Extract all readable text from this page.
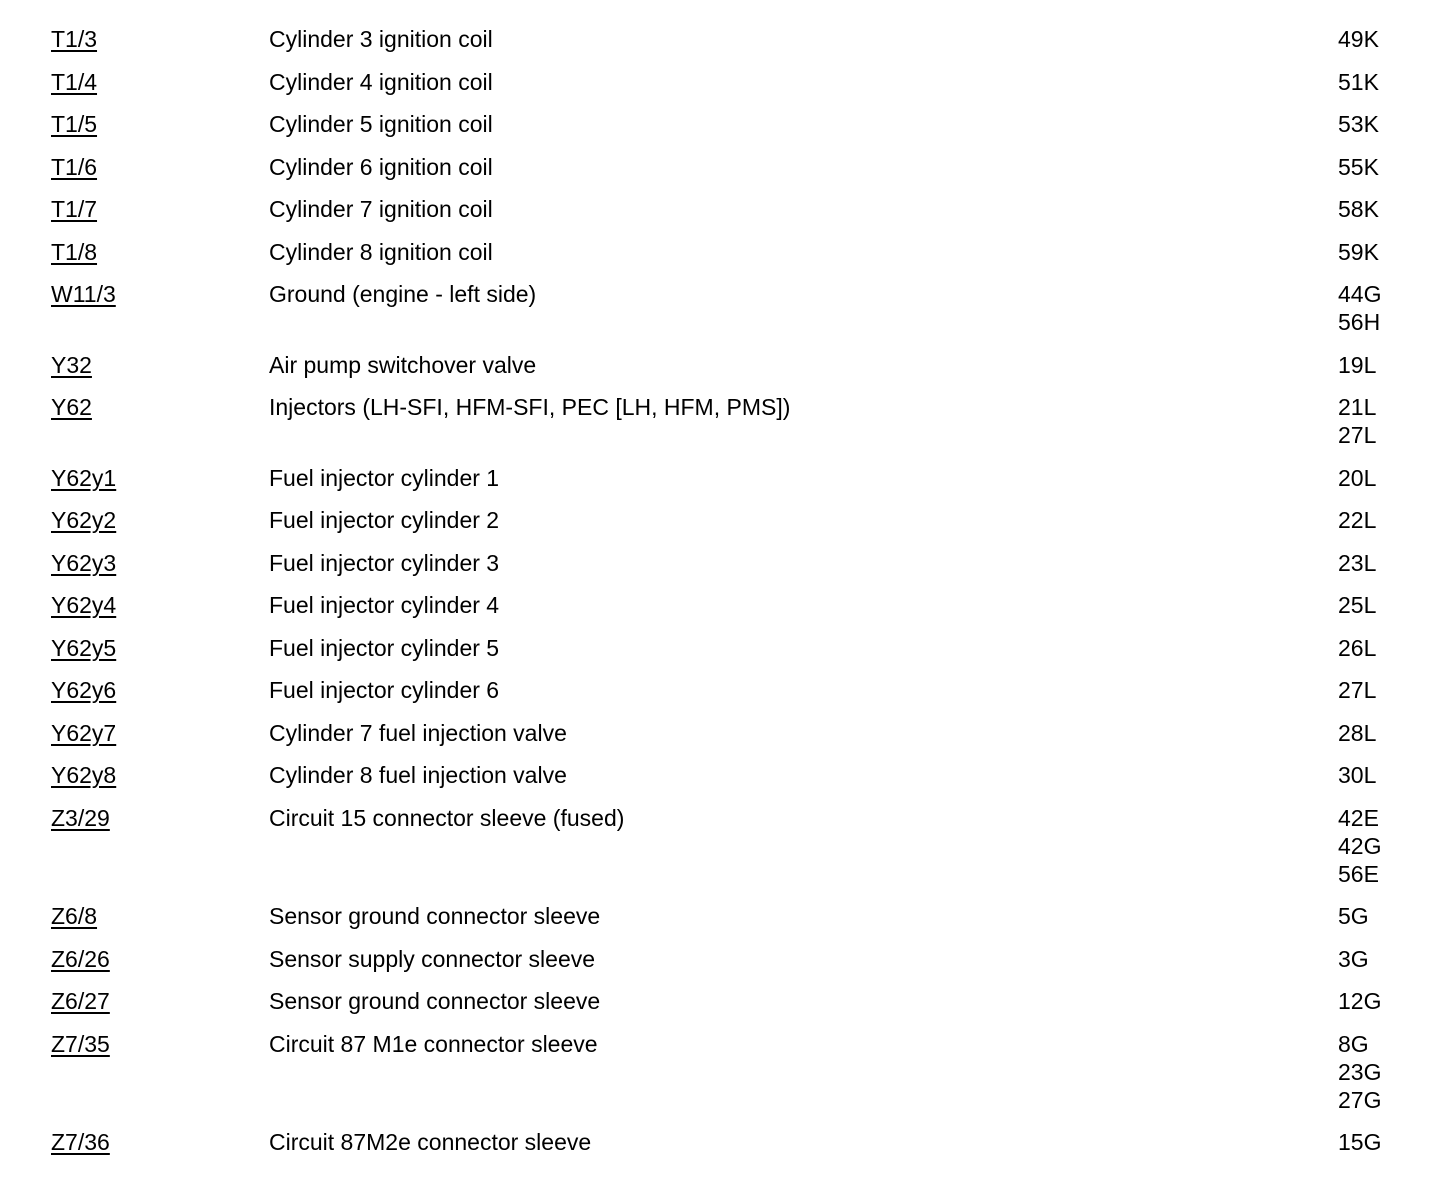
T1/3	Cylinder 3 ignition coil	49K
T1/4	Cylinder 4 ignition coil	51K
T1/5	Cylinder 5 ignition coil	53K
T1/6	Cylinder 6 ignition coil	55K
T1/7	Cylinder 7 ignition coil	58K
T1/8	Cylinder 8 ignition coil	59K
W11/3	Ground (engine - left side)	44G
56H
Y32	Air pump switchover valve	19L
Y62	Injectors (LH-SFI, HFM-SFI, PEC [LH, HFM, PMS])	21L
27L
Y62y1	Fuel injector cylinder 1	20L
Y62y2	Fuel injector cylinder 2	22L
Y62y3	Fuel injector cylinder 3	23L
Y62y4	Fuel injector cylinder 4	25L
Y62y5	Fuel injector cylinder 5	26L
Y62y6	Fuel injector cylinder 6	27L
Y62y7	Cylinder 7 fuel injection valve	28L
Y62y8	Cylinder 8 fuel injection valve	30L
Z3/29	Circuit 15 connector sleeve (fused)	42E
42G
56E
Z6/8	Sensor ground connector sleeve	5G
Z6/26	Sensor supply connector sleeve	3G
Z6/27	Sensor ground connector sleeve	12G
Z7/35	Circuit 87 M1e connector sleeve	8G
23G
27G
Z7/36	Circuit 87M2e connector sleeve	15G
